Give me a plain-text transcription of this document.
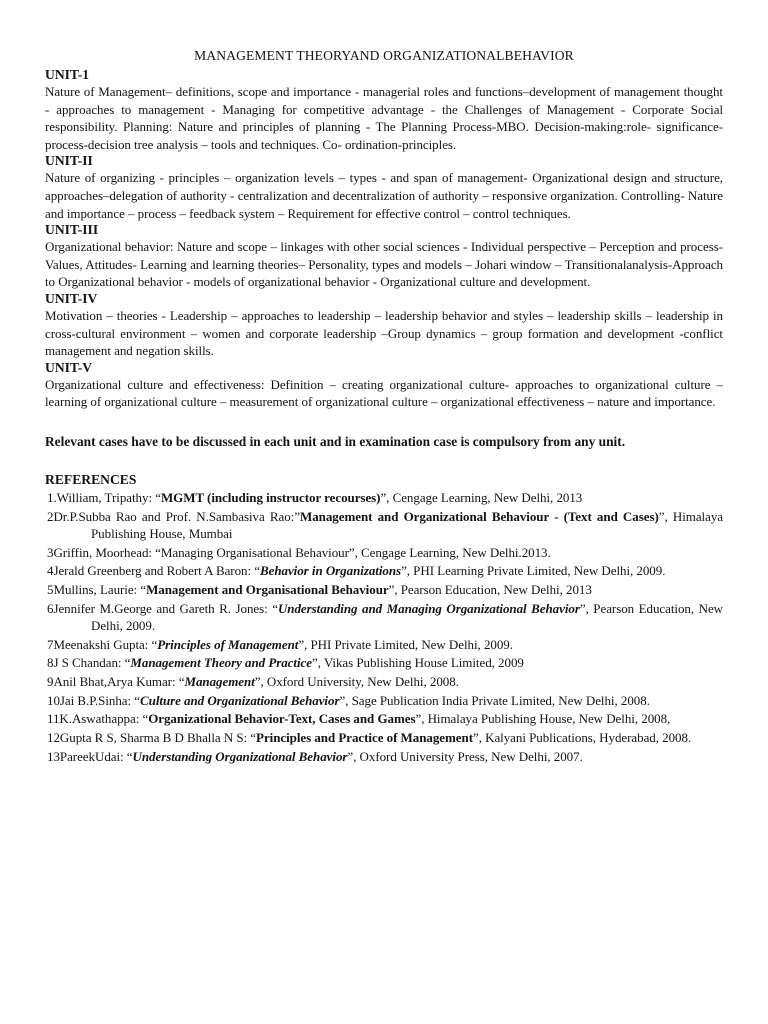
MANAGEMENT THEORYAND ORGANIZATIONALBEHAVIOR
UNIT-1
Nature of Management– definitions, scope and importance - managerial roles and functions–development of management thought - approaches to management - Managing for competitive advantage - the Challenges of Management - Corporate Social responsibility. Planning: Nature and principles of planning - The Planning Process-MBO. Decision-making:role- significance- process-decision tree analysis – tools and techniques. Co- ordination-principles.
UNIT-II
Nature of organizing - principles – organization levels – types - and span of management- Organizational design and structure, approaches–delegation of authority - centralization and decentralization of authority – responsive organization. Controlling- Nature and importance – process – feedback system – Requirement for effective control – control techniques.
UNIT-III
Organizational behavior: Nature and scope – linkages with other social sciences - Individual perspective – Perception and process- Values, Attitudes- Learning and learning theories– Personality, types and models – Johari window – Transitionalanalysis-Approach to Organizational behavior - models of organizational behavior - Organizational culture and development.
UNIT-IV
Motivation – theories - Leadership – approaches to leadership – leadership behavior and styles – leadership skills – leadership in cross-cultural environment – women and corporate leadership –Group dynamics – group formation and development -conflict management and negation skills.
UNIT-V
Organizational culture and effectiveness: Definition – creating organizational culture- approaches to organizational culture – learning of organizational culture – measurement of organizational culture – organizational effectiveness – nature and importance.
Relevant cases have to be discussed in each unit and in examination case is compulsory from any unit.
REFERENCES
1.William, Tripathy: “MGMT (including instructor recourses)”, Cengage Learning, New Delhi, 2013
2Dr.P.Subba Rao and Prof. N.Sambasiva Rao:”Management and Organizational Behaviour - (Text and Cases)”, Himalaya Publishing House, Mumbai
3Griffin, Moorhead: “Managing Organisational Behaviour”, Cengage Learning, New Delhi.2013.
4Jerald Greenberg and Robert A Baron: “Behavior in Organizations”, PHI Learning Private Limited, New Delhi, 2009.
5Mullins, Laurie: “Management and Organisational Behaviour”, Pearson Education, New Delhi, 2013
6Jennifer M.George and Gareth R. Jones: “Understanding and Managing Organizational Behavior”, Pearson Education, New Delhi, 2009.
7Meenakshi Gupta: “Principles of Management”, PHI Private Limited, New Delhi, 2009.
8J S Chandan: “Management Theory and Practice”, Vikas Publishing House Limited, 2009
9Anil Bhat,Arya Kumar: “Management”, Oxford University, New Delhi, 2008.
10Jai B.P.Sinha: “Culture and Organizational Behavior”, Sage Publication India Private Limited, New Delhi, 2008.
11K.Aswathappa: “Organizational Behavior-Text, Cases and Games”, Himalaya Publishing House, New Delhi, 2008,
12Gupta R S, Sharma B D Bhalla N S: “Principles and Practice of Management”, Kalyani Publications, Hyderabad, 2008.
13PareekUdai: “Understanding Organizational Behavior”, Oxford University Press, New Delhi, 2007.
